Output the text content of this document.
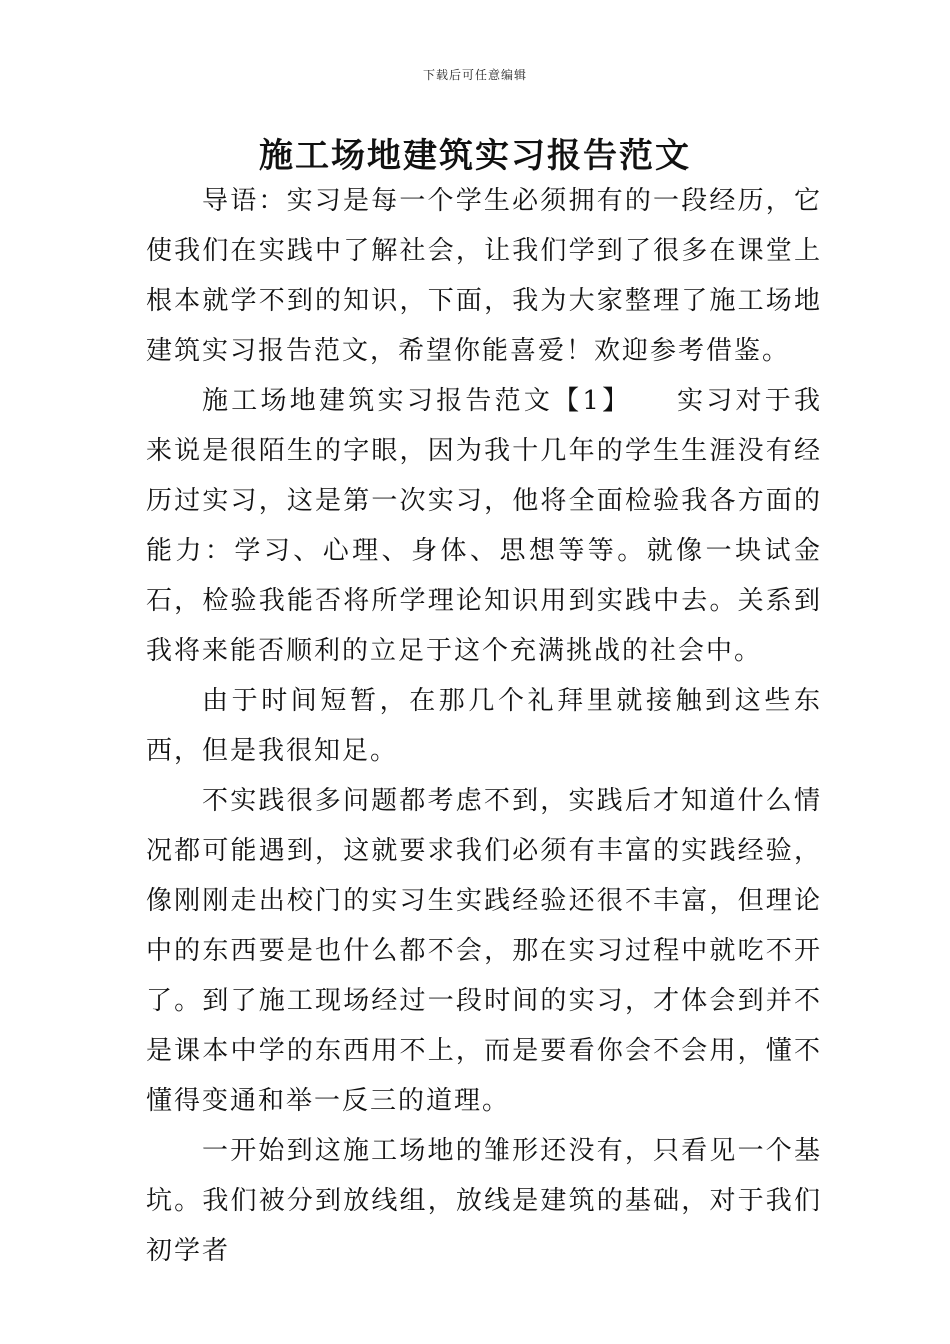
下载后可任意编辑
施工场地建筑实习报告范文

导语：实习是每一个学生必须拥有的一段经历，它使我们在实践中了解社会，让我们学到了很多在课堂上根本就学不到的知识，下面，我为大家整理了施工场地建筑实习报告范文，希望你能喜爱！欢迎参考借鉴。

施工场地建筑实习报告范文【1】　　实习对于我来说是很陌生的字眼，因为我十几年的学生生涯没有经历过实习，这是第一次实习，他将全面检验我各方面的能力：学习、心理、身体、思想等等。就像一块试金石，检验我能否将所学理论知识用到实践中去。关系到我将来能否顺利的立足于这个充满挑战的社会中。

由于时间短暂，在那几个礼拜里就接触到这些东西，但是我很知足。

不实践很多问题都考虑不到，实践后才知道什么情况都可能遇到，这就要求我们必须有丰富的实践经验，像刚刚走出校门的实习生实践经验还很不丰富，但理论中的东西要是也什么都不会，那在实习过程中就吃不开了。到了施工现场经过一段时间的实习，才体会到并不是课本中学的东西用不上，而是要看你会不会用，懂不懂得变通和举一反三的道理。

一开始到这施工场地的雏形还没有，只看见一个基坑。我们被分到放线组，放线是建筑的基础，对于我们初学者
